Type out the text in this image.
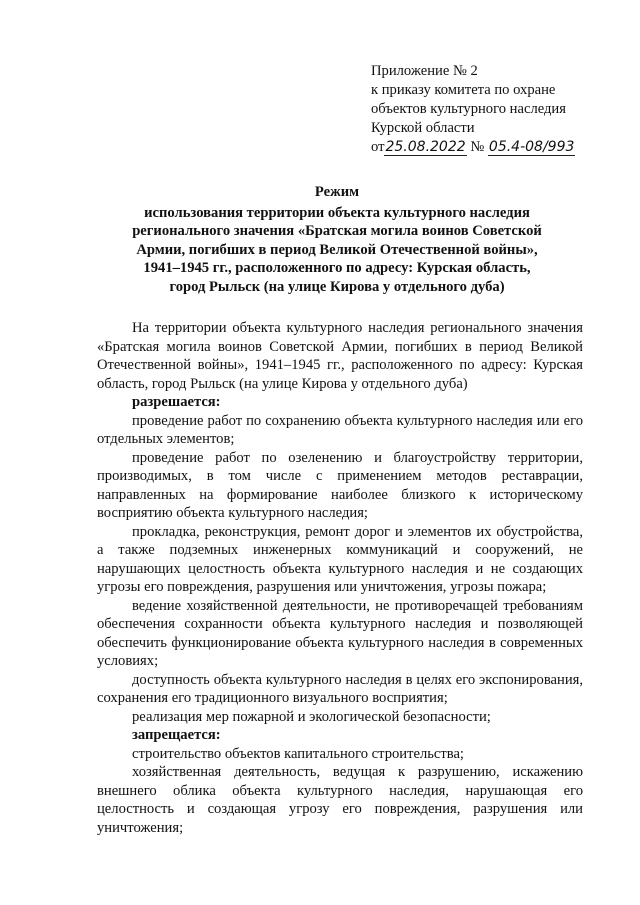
Приложение № 2
к приказу комитета по охране
объектов культурного наследия
Курской области
от25.08.2022 № 05.4-08/993
Режим
использования территории объекта культурного наследия
регионального значения «Братская могила воинов Советской
Армии, погибших в период Великой Отечественной войны»,
1941–1945 гг., расположенного по адресу: Курская область,
город Рыльск (на улице Кирова у отдельного дуба)
На территории объекта культурного наследия регионального значения «Братская могила воинов Советской Армии, погибших в период Великой Отечественной войны», 1941–1945 гг., расположенного по адресу: Курская область, город Рыльск (на улице Кирова у отдельного дуба)
разрешается:
проведение работ по сохранению объекта культурного наследия или его отдельных элементов;
проведение работ по озеленению и благоустройству территории, производимых, в том числе с применением методов реставрации, направленных на формирование наиболее близкого к историческому восприятию объекта культурного наследия;
прокладка, реконструкция, ремонт дорог и элементов их обустройства, а также подземных инженерных коммуникаций и сооружений, не нарушающих целостность объекта культурного наследия и не создающих угрозы его повреждения, разрушения или уничтожения, угрозы пожара;
ведение хозяйственной деятельности, не противоречащей требованиям обеспечения сохранности объекта культурного наследия и позволяющей обеспечить функционирование объекта культурного наследия в современных условиях;
доступность объекта культурного наследия в целях его экспонирования, сохранения его традиционного визуального восприятия;
реализация мер пожарной и экологической безопасности;
запрещается:
строительство объектов капитального строительства;
хозяйственная деятельность, ведущая к разрушению, искажению внешнего облика объекта культурного наследия, нарушающая его целостность и создающая угрозу его повреждения, разрушения или уничтожения;
